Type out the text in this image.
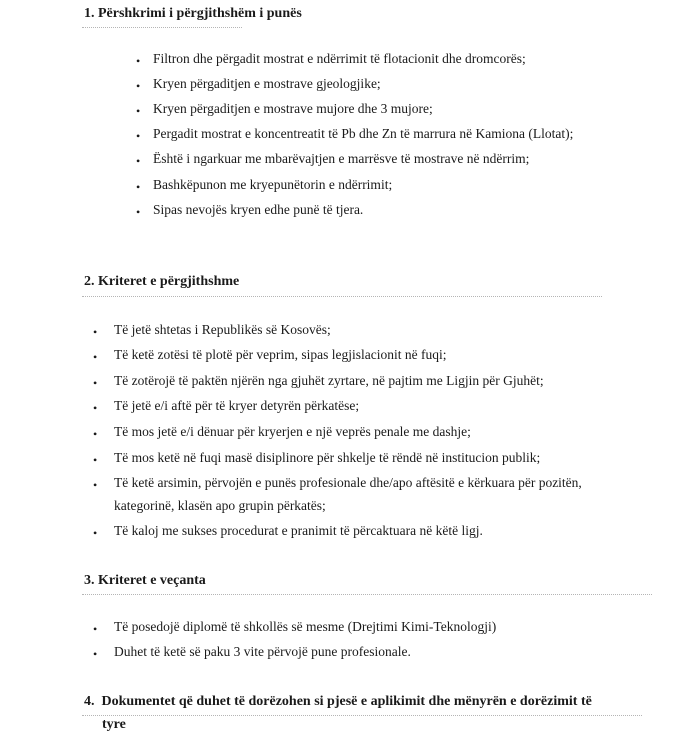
1. Përshkrimi i përgjithshëm i punës
• Filtron dhe përgadit mostrat e ndërrimit të flotacionit dhe dromcorës;
• Kryen përgaditjen e mostrave gjeologjike;
• Kryen përgaditjen e mostrave mujore dhe 3 mujore;
• Pergadit mostrat e koncentreatit të Pb dhe Zn të marrura në Kamiona (Llotat);
• Është i ngarkuar me mbarëvajtjen e marrësve të mostrave në ndërrim;
• Bashkëpunon me kryepunëtorin e ndërrimit;
• Sipas nevojës kryen edhe punë të tjera.
2. Kriteret e përgjithshme
• Të jetë shtetas i Republikës së Kosovës;
• Të ketë zotësi të plotë për veprim, sipas legjislacionit në fuqi;
• Të zotërojë të paktën njërën nga gjuhët zyrtare, në pajtim me Ligjin për Gjuhët;
• Të jetë e/i aftë për të kryer detyrën përkatëse;
• Të mos jetë e/i dënuar për kryerjen e një veprës penale me dashje;
• Të mos ketë në fuqi masë disiplinore për shkelje të rëndë në institucion publik;
• Të ketë arsimin, përvojën e punës profesionale dhe/apo aftësitë e kërkuara për pozitën,
kategorinë, klasën apo grupin përkatës;
• Të kaloj me sukses procedurat e pranimit të përcaktuara në këtë ligj.
3. Kriteret e veçanta
• Të posedojë diplomë të shkollës së mesme (Drejtimi Kimi-Teknologji)
• Duhet të ketë së paku 3 vite përvojë pune profesionale.
4. Dokumentet që duhet të dorëzohen si pjesë e aplikimit dhe mënyrën e dorëzimit të
tyre
